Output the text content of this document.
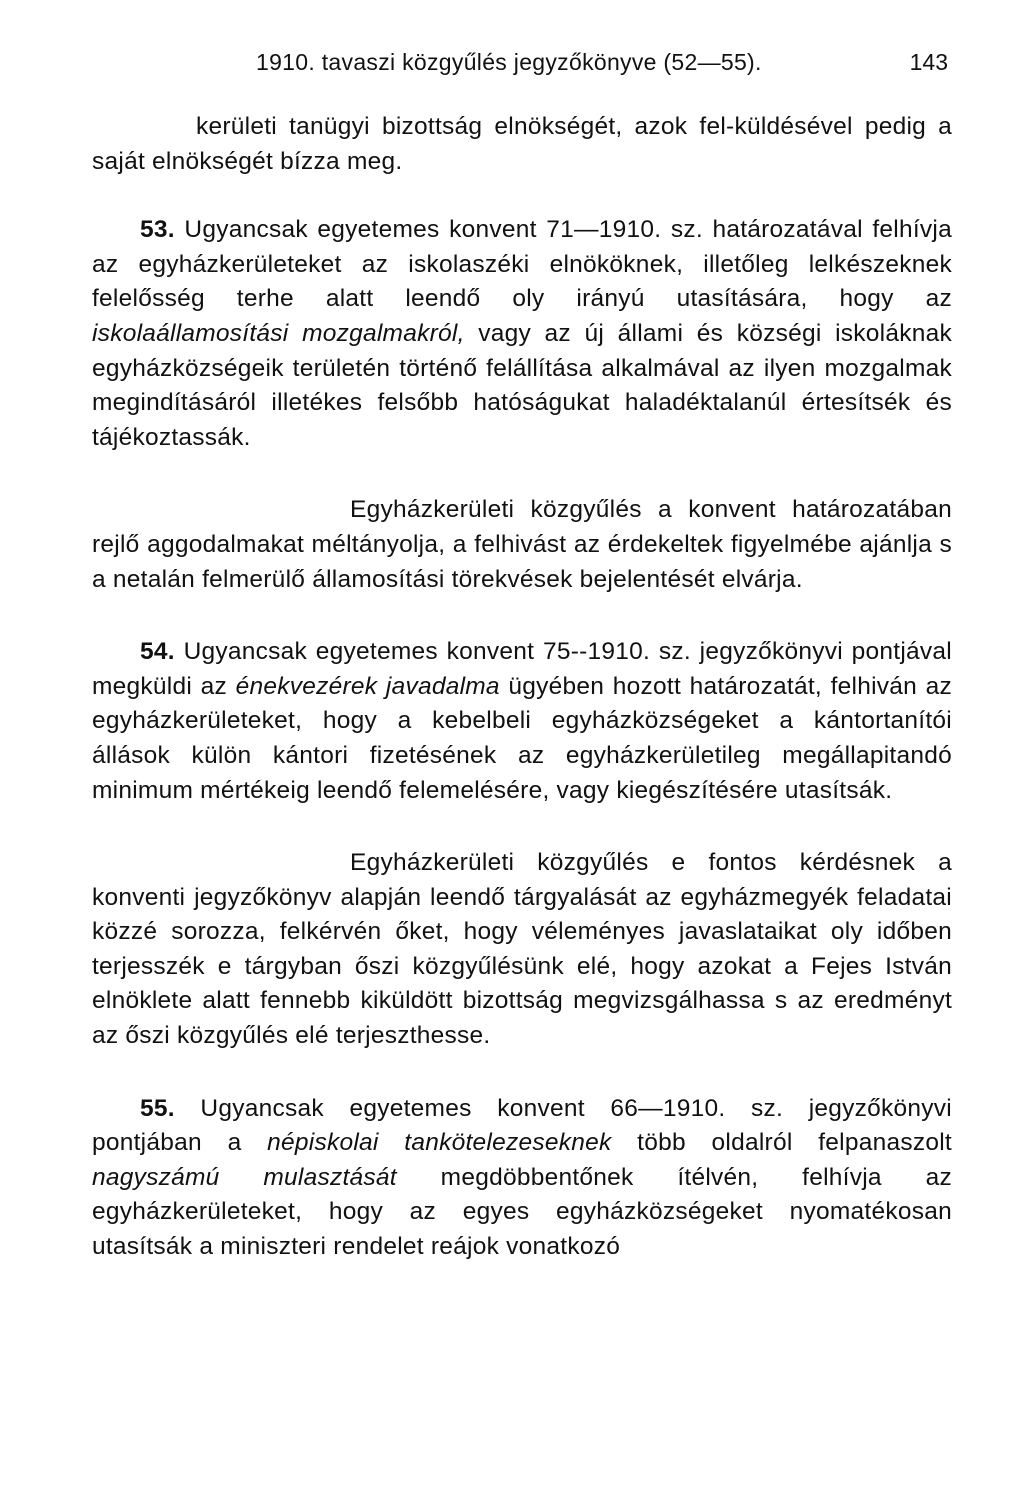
1910. tavaszi közgyűlés jegyzőkönyve (52—55).	143

kerületi tanügyi bizottság elnökségét, azok fel-küldésével pedig a saját elnökségét bízza meg.

53. Ugyancsak egyetemes konvent 71—1910. sz. határozatával felhívja az egyházkerületeket az iskolaszéki elnököknek, illetőleg lelkészeknek felelősség terhe alatt leendő oly irányú utasítására, hogy az iskolaállamosítási mozgalmakról, vagy az új állami és községi iskoláknak egyházközségeik területén történő felállítása alkalmával az ilyen mozgalmak megindításáról illetékes felsőbb hatóságukat haladéktalanúl értesítsék és tájékoztassák.

Egyházkerületi közgyűlés a konvent határozatában rejlő aggodalmakat méltányolja, a felhivást az érdekeltek figyelmébe ajánlja s a netalán felmerülő államosítási törekvések bejelentését elvárja.

54. Ugyancsak egyetemes konvent 75--1910. sz. jegyzőkönyvi pontjával megküldi az énekvezérek javadalma ügyében hozott határozatát, felhiván az egyházkerületeket, hogy a kebelbeli egyházközségeket a kántortanítói állások külön kántori fizetésének az egyházkerületileg megállapitandó minimum mértékeig leendő felemelésére, vagy kiegészítésére utasítsák.

Egyházkerületi közgyűlés e fontos kérdésnek a konventi jegyzőkönyv alapján leendő tárgyalását az egyházmegyék feladatai közzé sorozza, felkérvén őket, hogy véleményes javaslataikat oly időben terjesszék e tárgyban őszi közgyűlésünk elé, hogy azokat a Fejes István elnöklete alatt fennebb kiküldött bizottság megvizsgálhassa s az eredményt az őszi közgyűlés elé terjeszthesse.

55. Ugyancsak egyetemes konvent 66—1910. sz. jegyzőkönyvi pontjában a népiskolai tankötelezeseknek több oldalról felpanaszolt nagyszámú mulasztását megdöbbentőnek ítélvén, felhívja az egyházkerületeket, hogy az egyes egyházközségeket nyomatékosan utasítsák a miniszteri rendelet reájok vonatkozó
